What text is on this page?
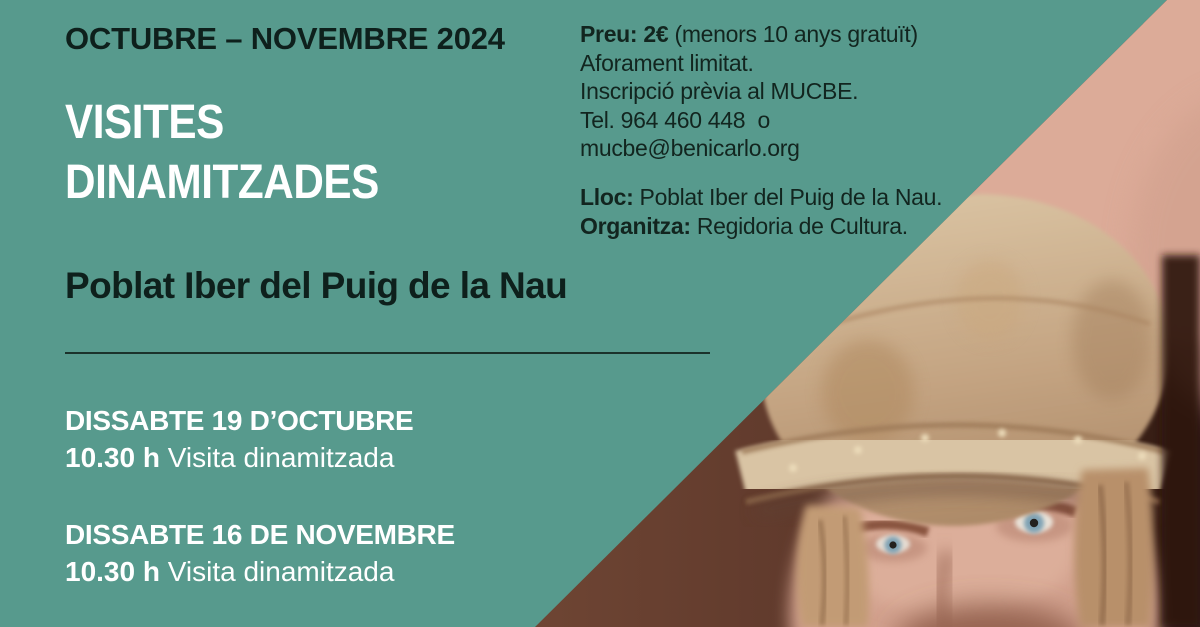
OCTUBRE – NOVEMBRE 2024
VISITES
DINAMITZADES
Poblat Iber del Puig de la Nau
DISSABTE 19 D’OCTUBRE
10.30 h Visita dinamitzada
DISSABTE 16 DE NOVEMBRE
10.30 h Visita dinamitzada

Preu: 2€ (menors 10 anys gratuït)

Aforament limitat.

Inscripció prèvia al MUCBE.

Tel. 964 460 448  o

mucbe@benicarlo.org

Lloc: Poblat Iber del Puig de la Nau.

Organitza: Regidoria de Cultura.
